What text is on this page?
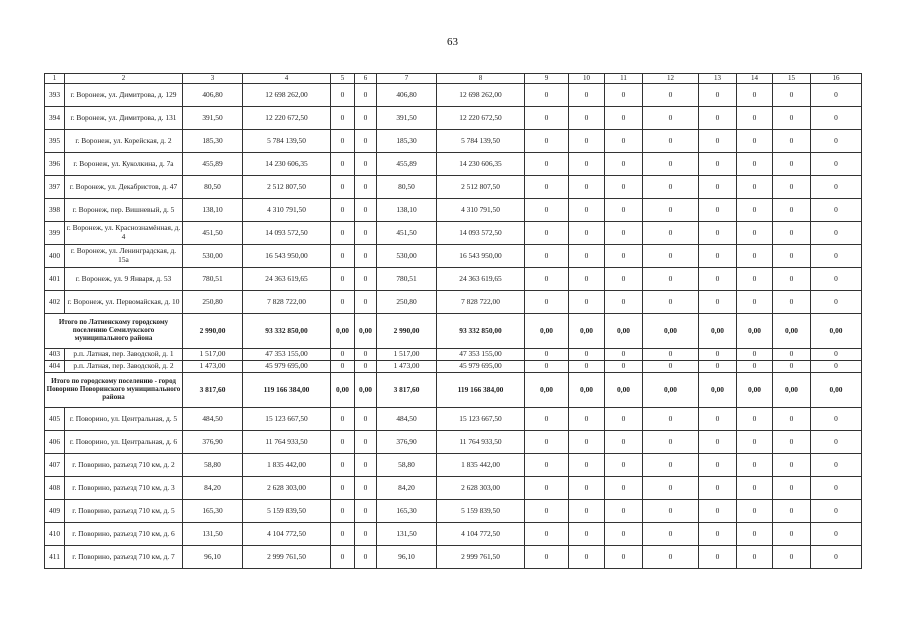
63
1	2	3	4	5	6	7	8	9	10	11	12	13	14	15	16
393	г. Воронеж, ул. Димитрова, д. 129	406,80	12 698 262,00	0	0	406,80	12 698 262,00	0	0	0	0	0	0	0	0
394	г. Воронеж, ул. Димитрова, д. 131	391,50	12 220 672,50	0	0	391,50	12 220 672,50	0	0	0	0	0	0	0	0
395	г. Воронеж, ул. Корейская, д. 2	185,30	5 784 139,50	0	0	185,30	5 784 139,50	0	0	0	0	0	0	0	0
396	г. Воронеж, ул. Куколкина, д. 7а	455,89	14 230 606,35	0	0	455,89	14 230 606,35	0	0	0	0	0	0	0	0
397	г. Воронеж, ул. Декабристов, д. 47	80,50	2 512 807,50	0	0	80,50	2 512 807,50	0	0	0	0	0	0	0	0
398	г. Воронеж, пер. Вишневый, д. 5	138,10	4 310 791,50	0	0	138,10	4 310 791,50	0	0	0	0	0	0	0	0
399	г. Воронеж, ул. Краснознамённая, д. 4	451,50	14 093 572,50	0	0	451,50	14 093 572,50	0	0	0	0	0	0	0	0
400	г. Воронеж, ул. Ленинградская, д. 15а	530,00	16 543 950,00	0	0	530,00	16 543 950,00	0	0	0	0	0	0	0	0
401	г. Воронеж, ул. 9 Января, д. 53	780,51	24 363 619,65	0	0	780,51	24 363 619,65	0	0	0	0	0	0	0	0
402	г. Воронеж, ул. Первомайская, д. 10	250,80	7 828 722,00	0	0	250,80	7 828 722,00	0	0	0	0	0	0	0	0
Итого по Латненскому городскому поселению Семилукского муниципального района		2 990,00	93 332 850,00	0,00	0,00	2 990,00	93 332 850,00	0,00	0,00	0,00	0,00	0,00	0,00	0,00	0,00
403	р.п. Латная, пер. Заводской, д. 1	1 517,00	47 353 155,00	0	0	1 517,00	47 353 155,00	0	0	0	0	0	0	0	0
404	р.п. Латная, пер. Заводской, д. 2	1 473,00	45 979 695,00	0	0	1 473,00	45 979 695,00	0	0	0	0	0	0	0	0
Итого по городскому поселению - город Поворино Поворинского муниципального района		3 817,60	119 166 384,00	0,00	0,00	3 817,60	119 166 384,00	0,00	0,00	0,00	0,00	0,00	0,00	0,00	0,00
405	г. Поворино, ул. Центральная, д. 5	484,50	15 123 667,50	0	0	484,50	15 123 667,50	0	0	0	0	0	0	0	0
406	г. Поворино, ул. Центральная, д. 6	376,90	11 764 933,50	0	0	376,90	11 764 933,50	0	0	0	0	0	0	0	0
407	г. Поворино, разъезд 710 км, д. 2	58,80	1 835 442,00	0	0	58,80	1 835 442,00	0	0	0	0	0	0	0	0
408	г. Поворино, разъезд 710 км, д. 3	84,20	2 628 303,00	0	0	84,20	2 628 303,00	0	0	0	0	0	0	0	0
409	г. Поворино, разъезд 710 км, д. 5	165,30	5 159 839,50	0	0	165,30	5 159 839,50	0	0	0	0	0	0	0	0
410	г. Поворино, разъезд 710 км, д. 6	131,50	4 104 772,50	0	0	131,50	4 104 772,50	0	0	0	0	0	0	0	0
411	г. Поворино, разъезд 710 км, д. 7	96,10	2 999 761,50	0	0	96,10	2 999 761,50	0	0	0	0	0	0	0	0
